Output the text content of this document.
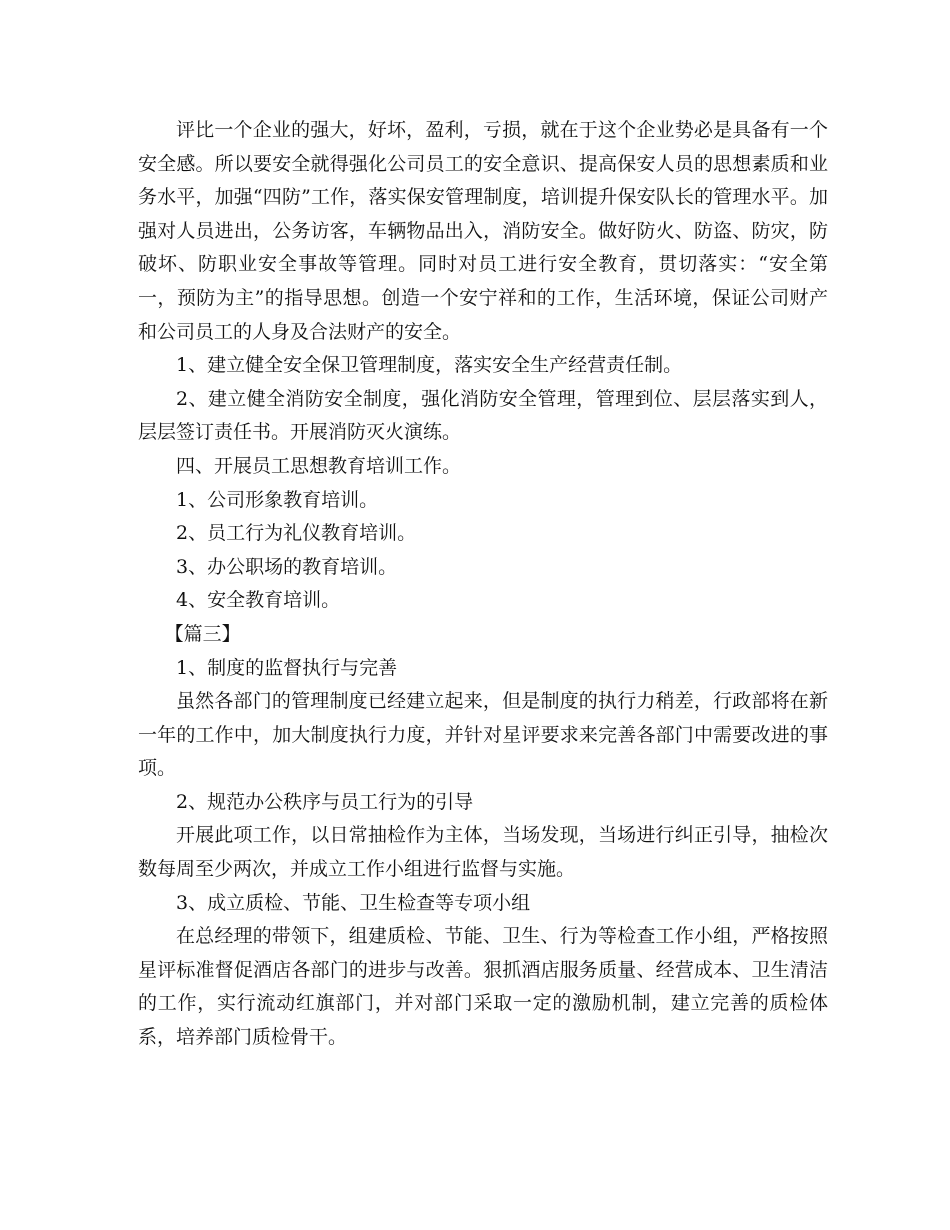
评比一个企业的强大，好坏，盈利，亏损，就在于这个企业势必是具备有一个安全感。所以要安全就得强化公司员工的安全意识、提高保安人员的思想素质和业务水平，加强“四防”工作，落实保安管理制度，培训提升保安队长的管理水平。加强对人员进出，公务访客，车辆物品出入，消防安全。做好防火、防盗、防灾，防破坏、防职业安全事故等管理。同时对员工进行安全教育，贯切落实：“安全第一，预防为主”的指导思想。创造一个安宁祥和的工作，生活环境，保证公司财产和公司员工的人身及合法财产的安全。

1、建立健全安全保卫管理制度，落实安全生产经营责任制。

2、建立健全消防安全制度，强化消防安全管理，管理到位、层层落实到人，层层签订责任书。开展消防灭火演练。

四、开展员工思想教育培训工作。

1、公司形象教育培训。

2、员工行为礼仪教育培训。

3、办公职场的教育培训。

4、安全教育培训。

【篇三】

1、制度的监督执行与完善

虽然各部门的管理制度已经建立起来，但是制度的执行力稍差，行政部将在新一年的工作中，加大制度执行力度，并针对星评要求来完善各部门中需要改进的事项。

2、规范办公秩序与员工行为的引导

开展此项工作，以日常抽检作为主体，当场发现，当场进行纠正引导，抽检次数每周至少两次，并成立工作小组进行监督与实施。

3、成立质检、节能、卫生检查等专项小组

在总经理的带领下，组建质检、节能、卫生、行为等检查工作小组，严格按照星评标准督促酒店各部门的进步与改善。狠抓酒店服务质量、经营成本、卫生清洁的工作，实行流动红旗部门，并对部门采取一定的激励机制，建立完善的质检体系，培养部门质检骨干。
